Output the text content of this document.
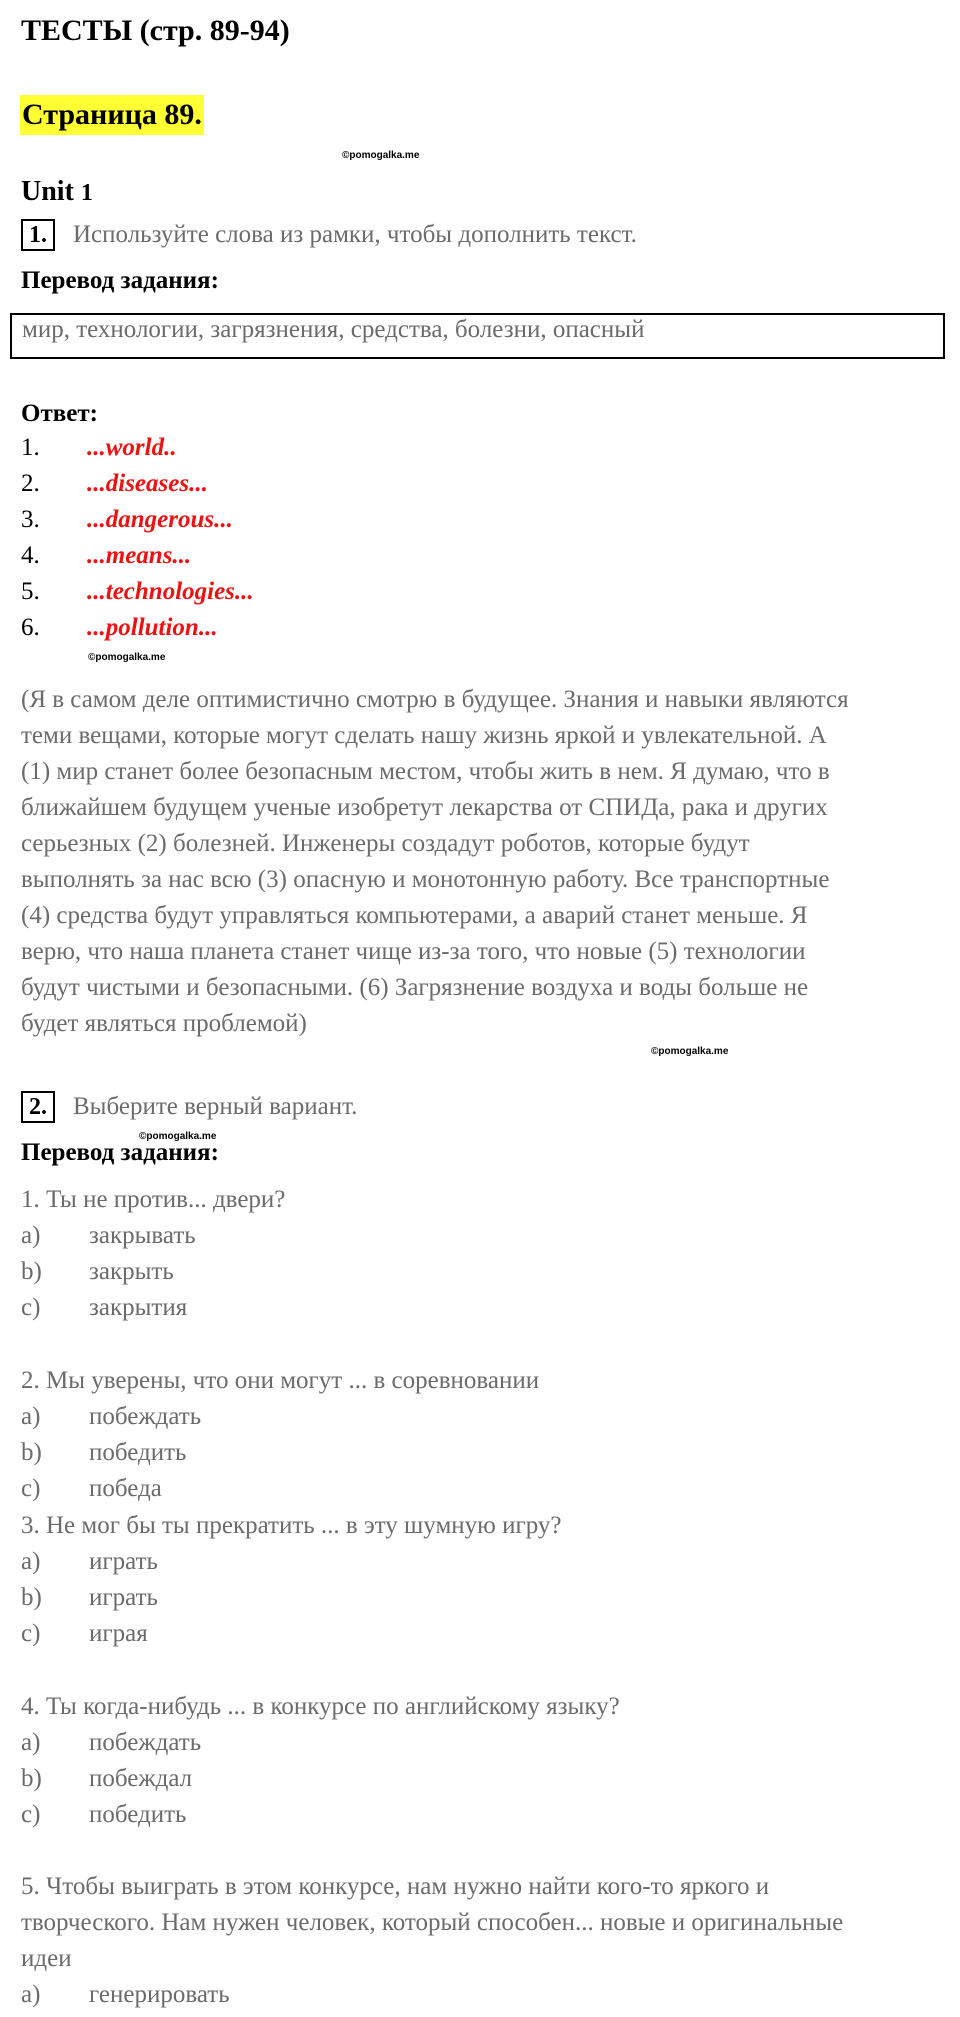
ТЕСТЫ (стр. 89-94)
Страница 89.
©pomogalka.me
Unit 1
1.	Используйте слова из рамки, чтобы дополнить текст.
Перевод задания:
мир, технологии, загрязнения, средства, болезни, опасный
Ответ:
1.	...world..
2.	...diseases...
3.	...dangerous...
4.	...means...
5.	...technologies...
6.	...pollution...
©pomogalka.me
(Я в самом деле оптимистично смотрю в будущее. Знания и навыки являются
теми вещами, которые могут сделать нашу жизнь яркой и увлекательной. А
(1) мир станет более безопасным местом, чтобы жить в нем. Я думаю, что в
ближайшем будущем ученые изобретут лекарства от СПИДа, рака и других
серьезных (2) болезней. Инженеры создадут роботов, которые будут
выполнять за нас всю (3) опасную и монотонную работу. Все транспортные
(4) средства будут управляться компьютерами, а аварий станет меньше. Я
верю, что наша планета станет чище из-за того, что новые (5) технологии
будут чистыми и безопасными. (6) Загрязнение воздуха и воды больше не
будет являться проблемой)
©pomogalka.me
2.	Выберите верный вариант.
©pomogalka.me
Перевод задания:
1. Ты не против... двери?
a)	закрывать
b)	закрыть
c)	закрытия
2. Мы уверены, что они могут ... в соревновании
a)	побеждать
b)	победить
c)	победа
3. Не мог бы ты прекратить ... в эту шумную игру?
a)	играть
b)	играть
c)	играя
4. Ты когда-нибудь ... в конкурсе по английскому языку?
a)	побеждать
b)	побеждал
c)	победить
5. Чтобы выиграть в этом конкурсе, нам нужно найти кого-то яркого и
творческого. Нам нужен человек, который способен... новые и оригинальные
идеи
a)	генерировать
